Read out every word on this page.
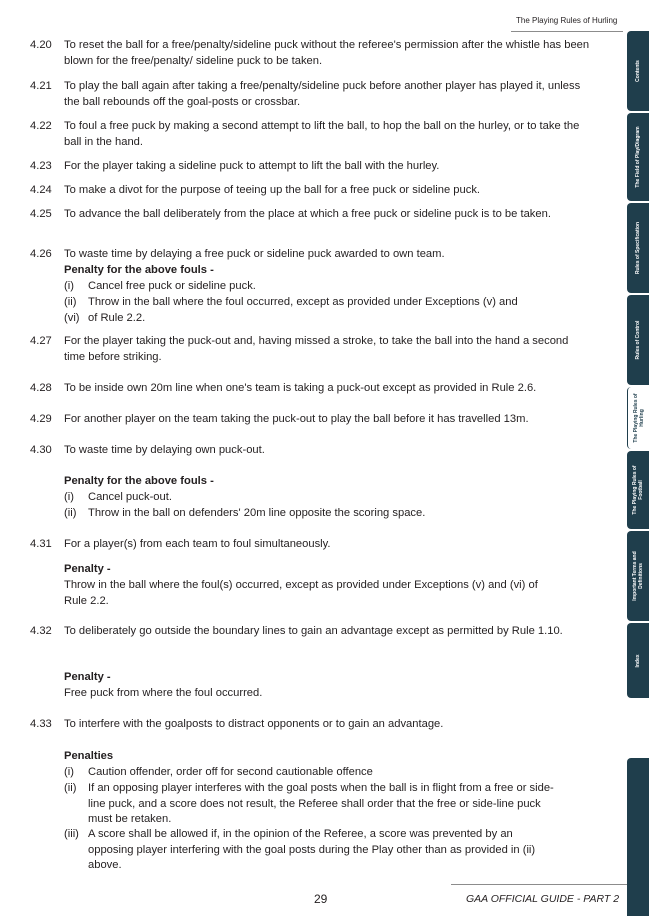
The Playing Rules of Hurling
Contents
The Field of Play/Diagram
Rules of Specification
Rules of Control
The Playing Rules of Hurling
The Playing Rules of Football
Important Terms and Definitions
Index
4.20	To reset the ball for a free/penalty/sideline puck without the referee's permission after the whistle has been blown for the free/penalty/ sideline puck to be taken.
4.21	To play the ball again after taking a free/penalty/sideline puck before another player has played it, unless the ball rebounds off the goal-posts or crossbar.
4.22	To foul a free puck by making a second attempt to lift the ball, to hop the ball on the hurley, or to take the ball in the hand.
4.23	For the player taking a sideline puck to attempt to lift the ball with the hurley.
4.24	To make a divot for the purpose of teeing up the ball for a free puck or sideline puck.
4.25	To advance the ball deliberately from the place at which a free puck or sideline puck is to be taken.
4.26	To waste time by delaying a free puck or sideline puck awarded to own team.
Penalty for the above fouls -
(i)	Cancel free puck or sideline puck.
(ii)	Throw in the ball where the foul occurred, except as provided under Exceptions (v) and
(vi) of Rule 2.2.
4.27	For the player taking the puck-out and, having missed a stroke, to take the ball into the hand a second time before striking.
4.28	To be inside own 20m line when one's team is taking a puck-out except as provided in Rule 2.6.
4.29	For another player on the team taking the puck-out to play the ball before it has travelled 13m.
4.30	To waste time by delaying own puck-out.
Penalty for the above fouls -
(i)	Cancel puck-out.
(ii)	Throw in the ball on defenders' 20m line opposite the scoring space.
4.31	For a player(s) from each team to foul simultaneously.
Penalty -
Throw in the ball where the foul(s) occurred, except as provided under Exceptions (v) and (vi) of Rule 2.2.
4.32	To deliberately go outside the boundary lines to gain an advantage except as permitted by Rule 1.10.
Penalty -
Free puck from where the foul occurred.
4.33	To interfere with the goalposts to distract opponents or to gain an advantage.
Penalties
(i)	Caution offender, order off for second cautionable offence
(ii)	If an opposing player interferes with the goal posts when the ball is in flight from a free or side-line puck, and a score does not result, the Referee shall order that the free or side-line puck must be retaken.
(iii) A score shall be allowed if, in the opinion of the Referee, a score was prevented by an opposing player interfering with the goal posts during the Play other than as provided in (ii) above.
29	GAA OFFICIAL GUIDE - PART 2
